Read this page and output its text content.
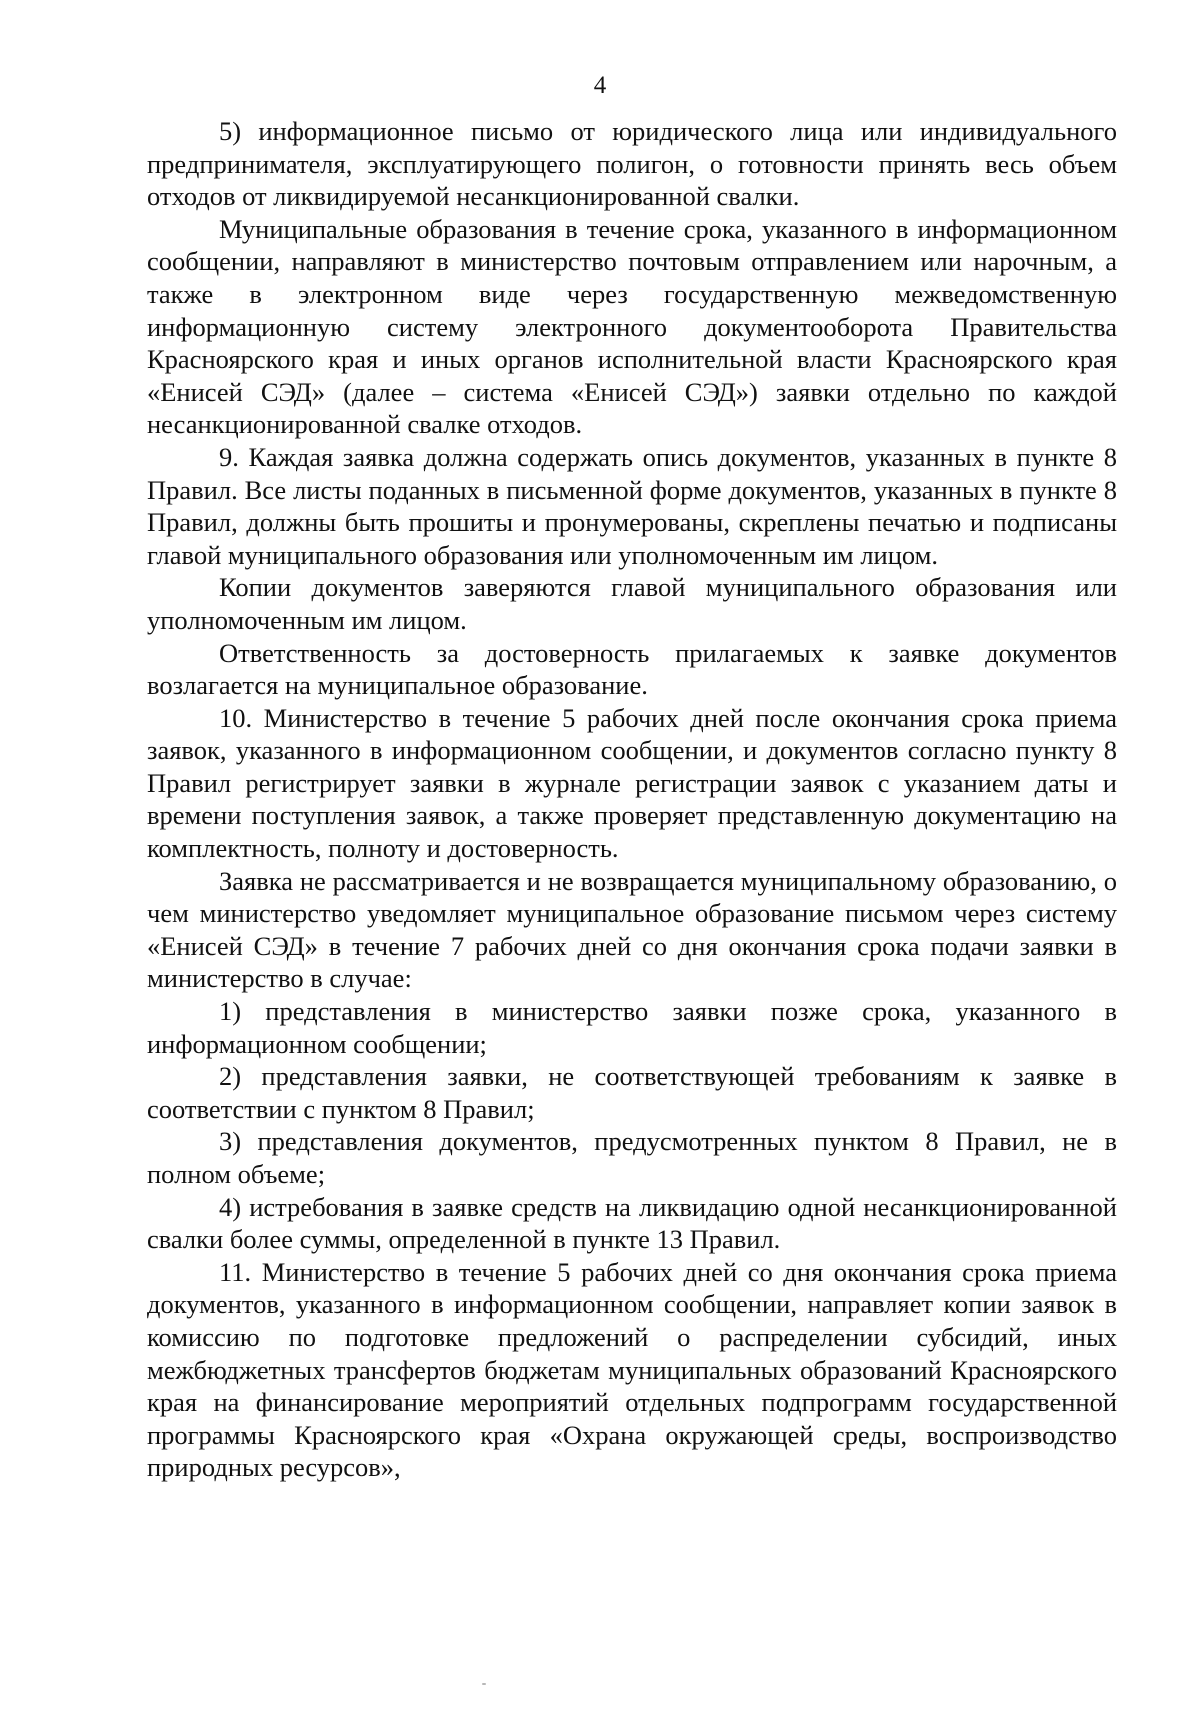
4

5) информационное письмо от юридического лица или индивидуального предпринимателя, эксплуатирующего полигон, о готовности принять весь объем отходов от ликвидируемой несанкционированной свалки.

Муниципальные образования в течение срока, указанного в информационном сообщении, направляют в министерство почтовым отправлением или нарочным, а также в электронном виде через государственную межведомственную информационную систему электронного документооборота Правительства Красноярского края и иных органов исполнительной власти Красноярского края «Енисей СЭД» (далее – система «Енисей СЭД») заявки отдельно по каждой несанкционированной свалке отходов.

9. Каждая заявка должна содержать опись документов, указанных в пункте 8 Правил. Все листы поданных в письменной форме документов, указанных в пункте 8 Правил, должны быть прошиты и пронумерованы, скреплены печатью и подписаны главой муниципального образования или уполномоченным им лицом.

Копии документов заверяются главой муниципального образования или уполномоченным им лицом.

Ответственность за достоверность прилагаемых к заявке документов возлагается на муниципальное образование.

10. Министерство в течение 5 рабочих дней после окончания срока приема заявок, указанного в информационном сообщении, и документов согласно пункту 8 Правил регистрирует заявки в журнале регистрации заявок с указанием даты и времени поступления заявок, а также проверяет представленную документацию на комплектность, полноту и достоверность.

Заявка не рассматривается и не возвращается муниципальному образованию, о чем министерство уведомляет муниципальное образование письмом через систему «Енисей СЭД» в течение 7 рабочих дней со дня окончания срока подачи заявки в министерство в случае:

1) представления в министерство заявки позже срока, указанного в информационном сообщении;

2) представления заявки, не соответствующей требованиям к заявке в соответствии с пунктом 8 Правил;

3) представления документов, предусмотренных пунктом 8 Правил, не в полном объеме;

4) истребования в заявке средств на ликвидацию одной несанкционированной свалки более суммы, определенной в пункте 13 Правил.

11. Министерство в течение 5 рабочих дней со дня окончания срока приема документов, указанного в информационном сообщении, направляет копии заявок в комиссию по подготовке предложений о распределении субсидий, иных межбюджетных трансфертов бюджетам муниципальных образований Красноярского края на финансирование мероприятий отдельных подпрограмм государственной программы Красноярского края «Охрана окружающей среды, воспроизводство природных ресурсов»,
